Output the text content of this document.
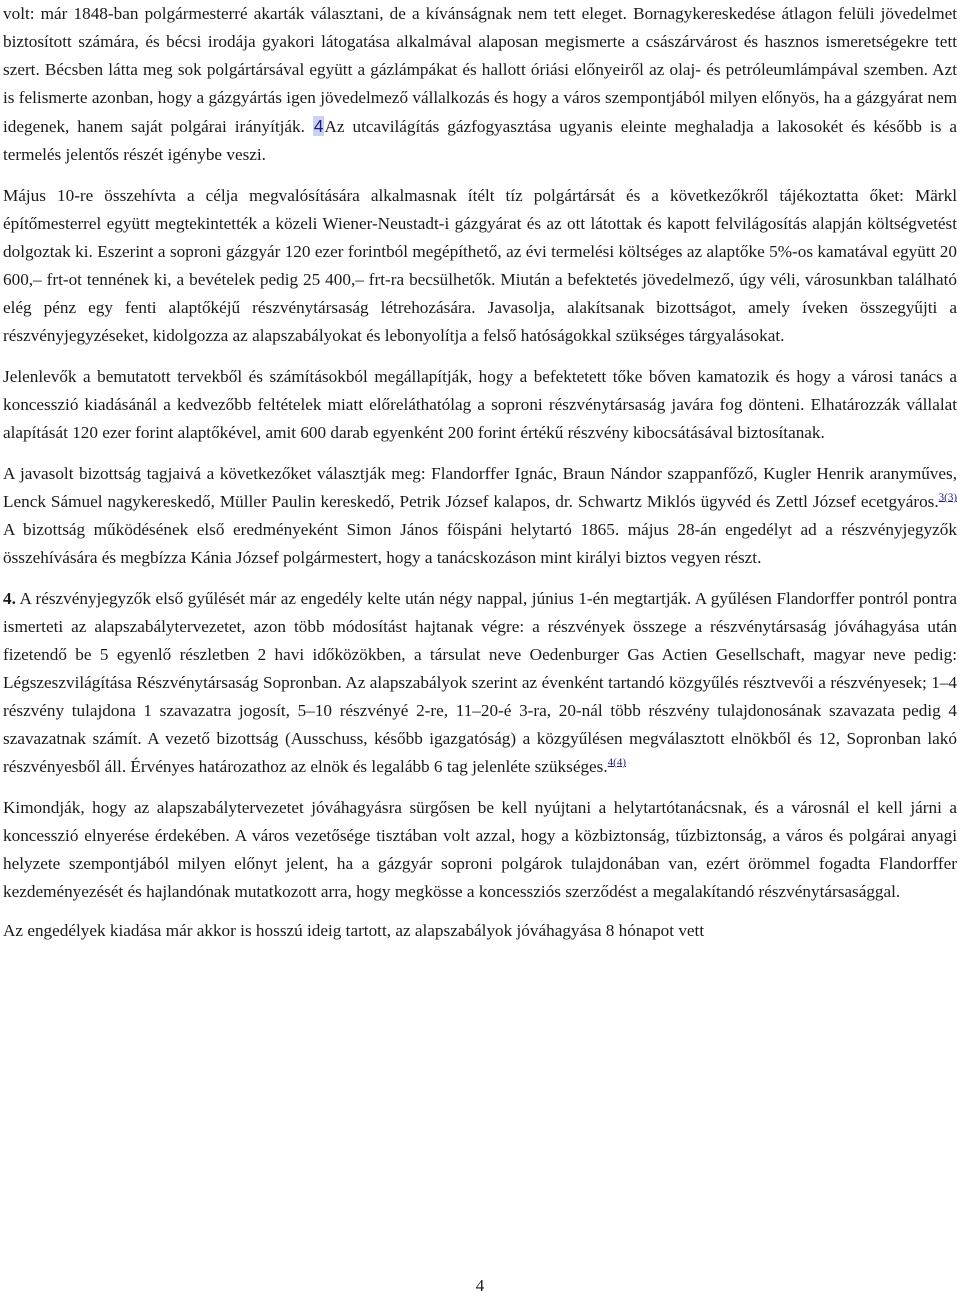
volt: már 1848-ban polgármesterré akarták választani, de a kívánságnak nem tett eleget. Bornagykereskedése átlagon felüli jövedelmet biztosított számára, és bécsi irodája gyakori látogatása alkalmával alaposan megismerte a császárvárost és hasznos ismeretségekre tett szert. Bécsben látta meg sok polgártársával együtt a gázlámpákat és hallott óriási előnyeiről az olaj- és petróleumlámpával szemben. Azt is felismerte azonban, hogy a gázgyártás igen jövedelmező vállalkozás és hogy a város szempontjából milyen előnyös, ha a gázgyárat nem idegenek, hanem saját polgárai irányítják. 4Az utcavilágítás gázfogyasztása ugyanis eleinte meghaladja a lakosokét és később is a termelés jelentős részét igénybe veszi.

Május 10-re összehívta a célja megvalósítására alkalmasnak ítélt tíz polgártársát és a következőkről tájékoztatta őket: Märkl építőmesterrel együtt megtekintették a közeli Wiener-Neustadt-i gázgyárat és az ott látottak és kapott felvilágosítás alapján költségvetést dolgoztak ki. Eszerint a soproni gázgyár 120 ezer forintból megépíthető, az évi termelési költséges az alaptőke 5%-os kamatával együtt 20 600,– frt-ot tennének ki, a bevételek pedig 25 400,– frt-ra becsülhetők. Miután a befektetés jövedelmező, úgy véli, városunkban található elég pénz egy fenti alaptőkéjű részvénytársaság létrehozására. Javasolja, alakítsanak bizottságot, amely íveken összegyűjti a részvényjegyzéseket, kidolgozza az alapszabályokat és lebonyolítja a felső hatóságokkal szükséges tárgyalásokat.

Jelenlevők a bemutatott tervekből és számításokból megállapítják, hogy a befektetett tőke bőven kamatozik és hogy a városi tanács a koncesszió kiadásánál a kedvezőbb feltételek miatt előreláthatólag a soproni részvénytársaság javára fog dönteni. Elhatározzák vállalat alapítását 120 ezer forint alaptőkével, amit 600 darab egyenként 200 forint értékű részvény kibocsátásával biztosítanak.

A javasolt bizottság tagjaivá a következőket választják meg: Flandorffer Ignác, Braun Nándor szappanfőző, Kugler Henrik aranyműves, Lenck Sámuel nagykereskedő, Müller Paulin kereskedő, Petrik József kalapos, dr. Schwartz Miklós ügyvéd és Zettl József ecetgyáros.$^{3(3)}$ A bizottság működésének első eredményeként Simon János főispáni helytartó 1865. május 28-án engedélyt ad a részvényjegyzők összehívására és megbízza Kánia József polgármestert, hogy a tanácskozáson mint királyi biztos vegyen részt.

4. A részvényjegyzők első gyűlését már az engedély kelte után négy nappal, június 1-én megtartják. A gyűlésen Flandorffer pontról pontra ismerteti az alapszabálytervezetet, azon több módosítást hajtanak végre: a részvények összege a részvénytársaság jóváhagyása után fizetendő be 5 egyenlő részletben 2 havi időközökben, a társulat neve Oedenburger Gas Actien Gesellschaft, magyar neve pedig: Légszeszvilágítása Részvénytársaság Sopronban. Az alapszabályok szerint az évenként tartandó közgyűlés résztvevői a részvényesek; 1–4 részvény tulajdona 1 szavazatra jogosít, 5–10 részvényé 2-re, 11–20-é 3-ra, 20-nál több részvény tulajdonosának szavazata pedig 4 szavazatnak számít. A vezető bizottság (Ausschuss, később igazgatóság) a közgyűlésen megválasztott elnökből és 12, Sopronban lakó részvényesből áll. Érvényes határozathoz az elnök és legalább 6 tag jelenléte szükséges.$^{4(4)}$

Kimondják, hogy az alapszabálytervezetet jóváhagyásra sürgősen be kell nyújtani a helytartótanácsnak, és a városnál el kell járni a koncesszió elnyerése érdekében. A város vezetősége tisztában volt azzal, hogy a közbiztonság, tűzbiztonság, a város és polgárai anyagi helyzete szempontjából milyen előnyt jelent, ha a gázgyár soproni polgárok tulajdonában van, ezért örömmel fogadta Flandorffer kezdeményezését és hajlandónak mutatkozott arra, hogy megkösse a koncessziós szerződést a megalakítandó részvénytársasággal.

Az engedélyek kiadása már akkor is hosszú ideig tartott, az alapszabályok jóváhagyása 8 hónapot vett

4
